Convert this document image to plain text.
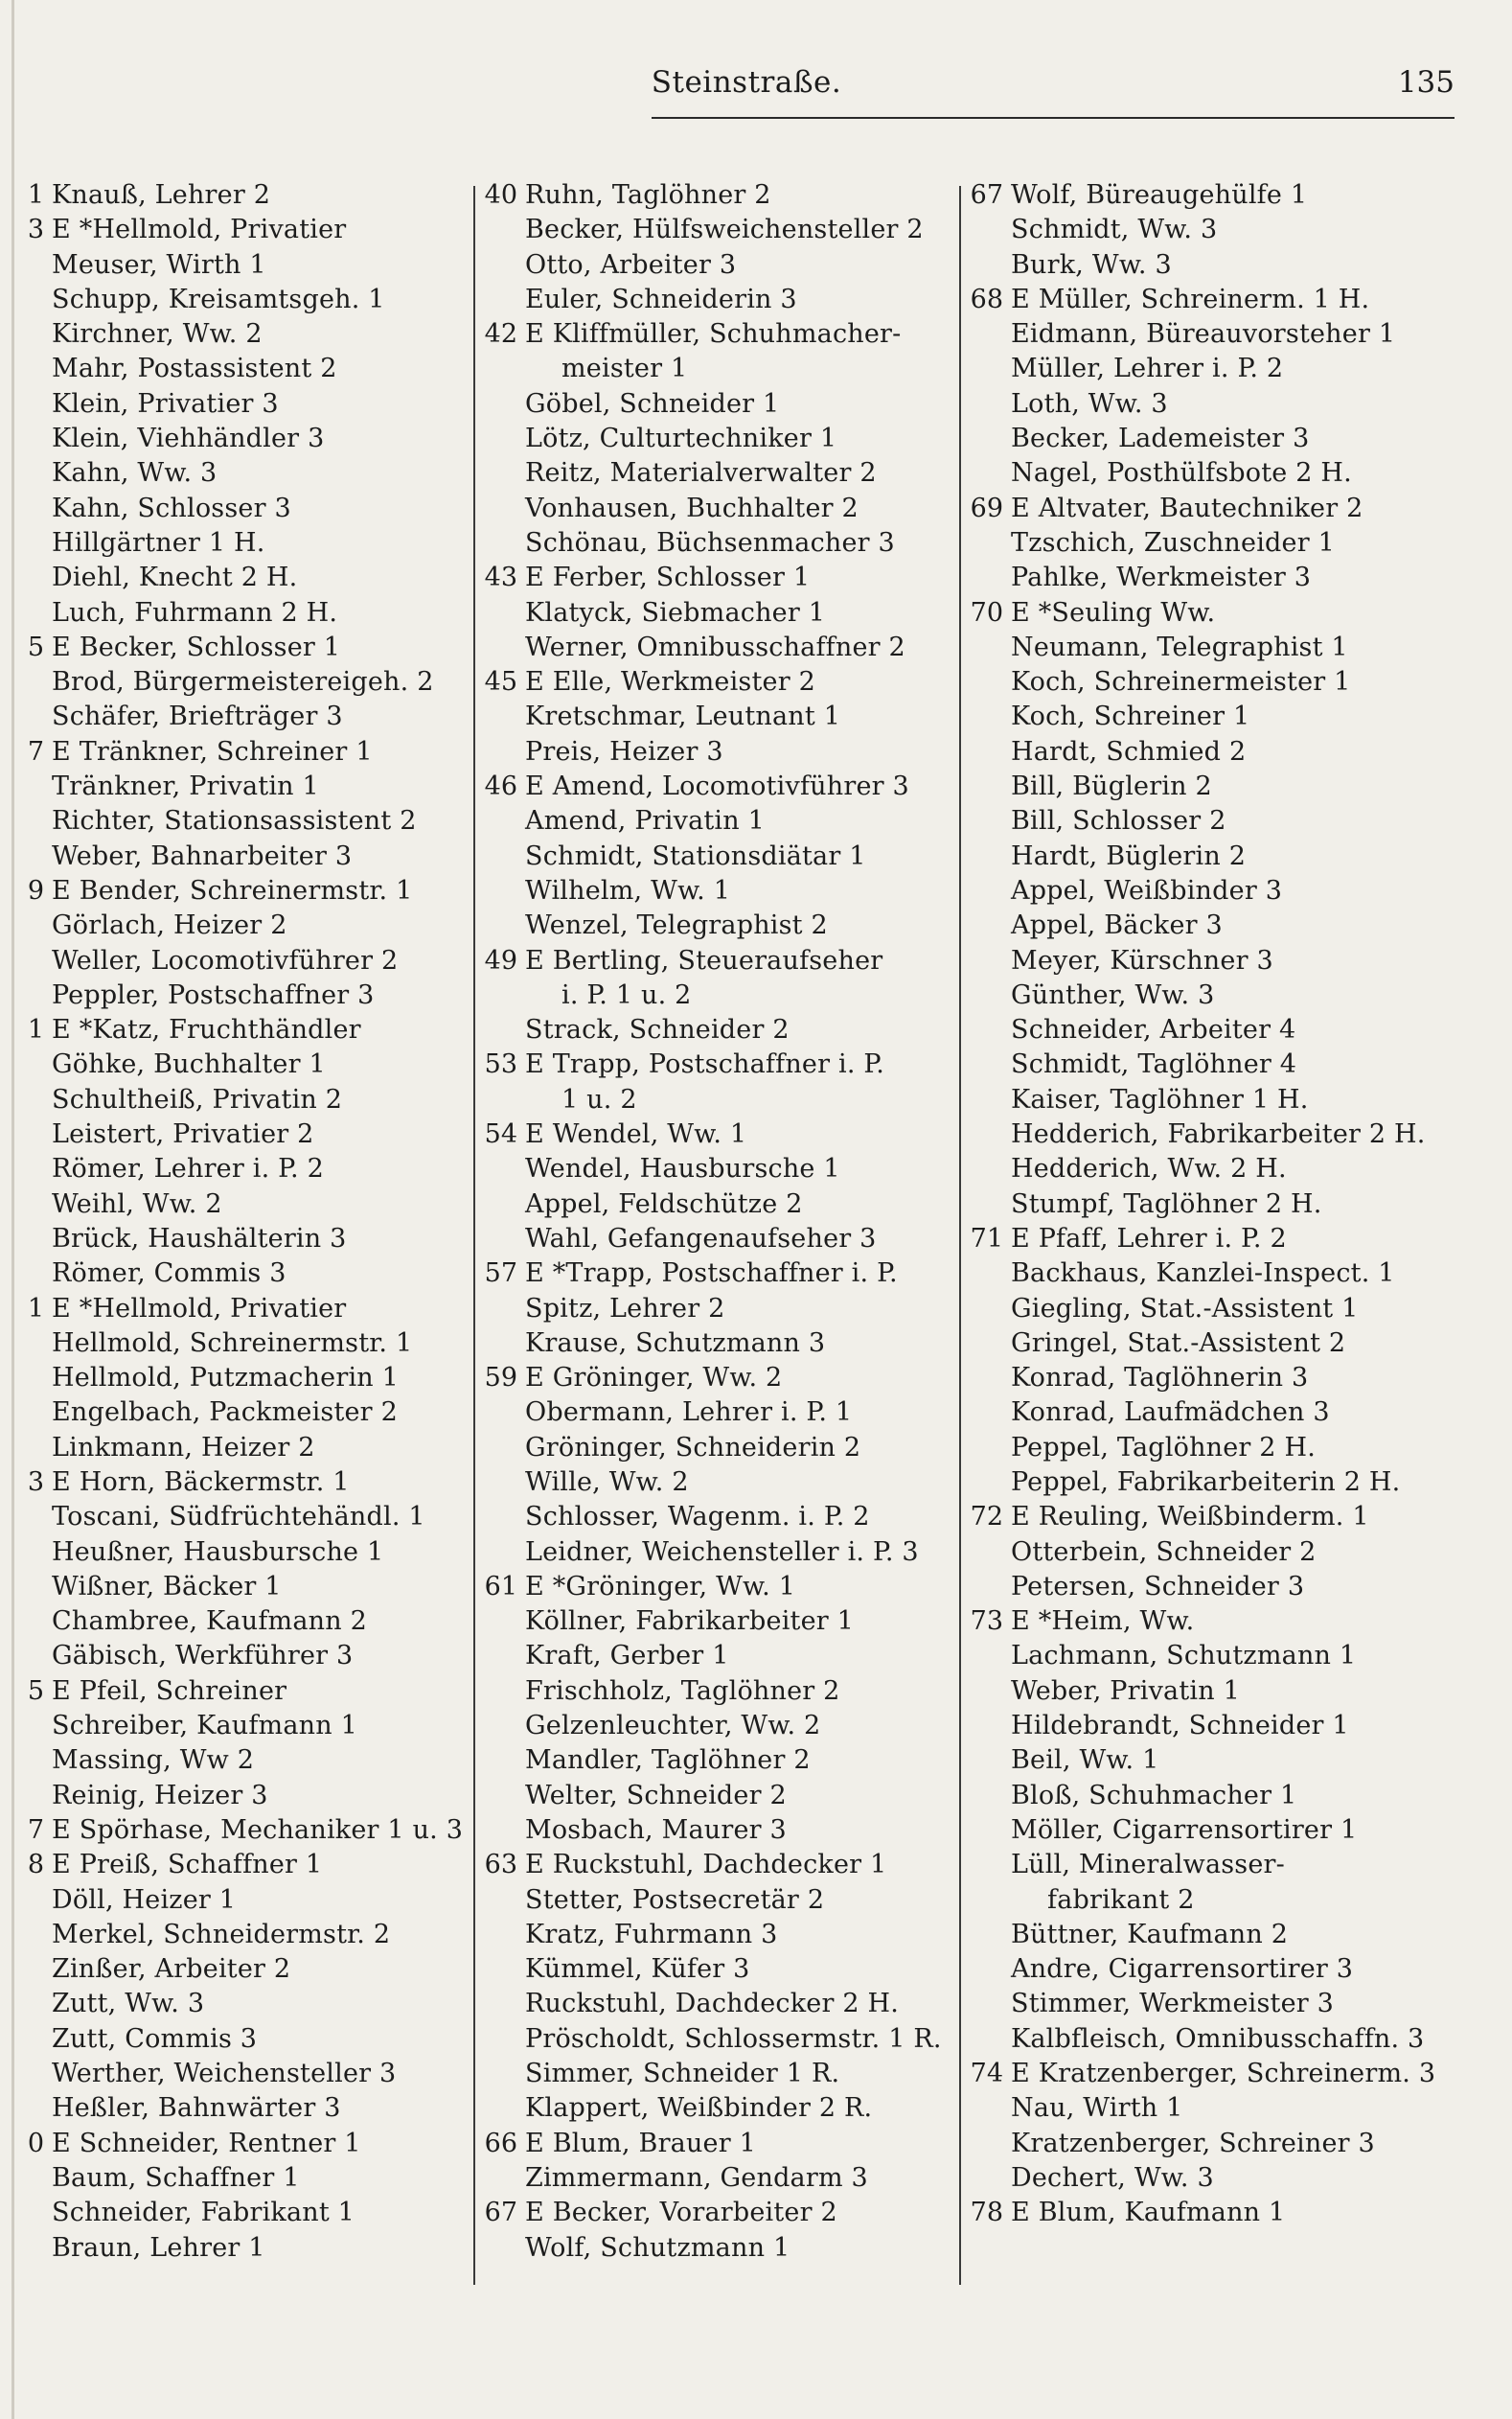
Steinstraße.	135
1 Knauß, Lehrer 2
3 E *Hellmold, Privatier
Meuser, Wirth 1
Schupp, Kreisamtsgeh. 1
Kirchner, Ww. 2
Mahr, Postassistent 2
Klein, Privatier 3
Klein, Viehhändler 3
Kahn, Ww. 3
Kahn, Schlosser 3
Hillgärtner 1 H.
Diehl, Knecht 2 H.
Luch, Fuhrmann 2 H.
5 E Becker, Schlosser 1
Brod, Bürgermeistereigeh. 2
Schäfer, Briefträger 3
7 E Tränkner, Schreiner 1
Tränkner, Privatin 1
Richter, Stationsassistent 2
Weber, Bahnarbeiter 3
9 E Bender, Schreinermstr. 1
Görlach, Heizer 2
Weller, Locomotivführer 2
Peppler, Postschaffner 3
1 E *Katz, Fruchthändler
Göhke, Buchhalter 1
Schultheiß, Privatin 2
Leistert, Privatier 2
Römer, Lehrer i. P. 2
Weihl, Ww. 2
Brück, Haushälterin 3
Römer, Commis 3
1 E *Hellmold, Privatier
Hellmold, Schreinermstr. 1
Hellmold, Putzmacherin 1
Engelbach, Packmeister 2
Linkmann, Heizer 2
3 E Horn, Bäckermstr. 1
Toscani, Südfrüchtehändl. 1
Heußner, Hausbursche 1
Wißner, Bäcker 1
Chambree, Kaufmann 2
Gäbisch, Werkführer 3
5 E Pfeil, Schreiner
Schreiber, Kaufmann 1
Massing, Ww 2
Reinig, Heizer 3
7 E Spörhase, Mechaniker 1 u. 3
8 E Preiß, Schaffner 1
Döll, Heizer 1
Merkel, Schneidermstr. 2
Zinßer, Arbeiter 2
Zutt, Ww. 3
Zutt, Commis 3
Werther, Weichensteller 3
Heßler, Bahnwärter 3
0 E Schneider, Rentner 1
Baum, Schaffner 1
Schneider, Fabrikant 1
Braun, Lehrer 1
40 Ruhn, Taglöhner 2
Becker, Hülfsweichensteller 2
Otto, Arbeiter 3
Euler, Schneiderin 3
42 E Kliffmüller, Schuhmacher-
meister 1
Göbel, Schneider 1
Lötz, Culturtechniker 1
Reitz, Materialverwalter 2
Vonhausen, Buchhalter 2
Schönau, Büchsenmacher 3
43 E Ferber, Schlosser 1
Klatyck, Siebmacher 1
Werner, Omnibusschaffner 2
45 E Elle, Werkmeister 2
Kretschmar, Leutnant 1
Preis, Heizer 3
46 E Amend, Locomotivführer 3
Amend, Privatin 1
Schmidt, Stationsdiätar 1
Wilhelm, Ww. 1
Wenzel, Telegraphist 2
49 E Bertling, Steueraufseher
i. P. 1 u. 2
Strack, Schneider 2
53 E Trapp, Postschaffner i. P.
1 u. 2
54 E Wendel, Ww. 1
Wendel, Hausbursche 1
Appel, Feldschütze 2
Wahl, Gefangenaufseher 3
57 E *Trapp, Postschaffner i. P.
Spitz, Lehrer 2
Krause, Schutzmann 3
59 E Gröninger, Ww. 2
Obermann, Lehrer i. P. 1
Gröninger, Schneiderin 2
Wille, Ww. 2
Schlosser, Wagenm. i. P. 2
Leidner, Weichensteller i. P. 3
61 E *Gröninger, Ww. 1
Köllner, Fabrikarbeiter 1
Kraft, Gerber 1
Frischholz, Taglöhner 2
Gelzenleuchter, Ww. 2
Mandler, Taglöhner 2
Welter, Schneider 2
Mosbach, Maurer 3
63 E Ruckstuhl, Dachdecker 1
Stetter, Postsecretär 2
Kratz, Fuhrmann 3
Kümmel, Küfer 3
Ruckstuhl, Dachdecker 2 H.
Pröscholdt, Schlossermstr. 1 R.
Simmer, Schneider 1 R.
Klappert, Weißbinder 2 R.
66 E Blum, Brauer 1
Zimmermann, Gendarm 3
67 E Becker, Vorarbeiter 2
Wolf, Schutzmann 1
67 Wolf, Büreaugehülfe 1
Schmidt, Ww. 3
Burk, Ww. 3
68 E Müller, Schreinerm. 1 H.
Eidmann, Büreauvorsteher 1
Müller, Lehrer i. P. 2
Loth, Ww. 3
Becker, Lademeister 3
Nagel, Posthülfsbote 2 H.
69 E Altvater, Bautechniker 2
Tzschich, Zuschneider 1
Pahlke, Werkmeister 3
70 E *Seuling Ww.
Neumann, Telegraphist 1
Koch, Schreinermeister 1
Koch, Schreiner 1
Hardt, Schmied 2
Bill, Büglerin 2
Bill, Schlosser 2
Hardt, Büglerin 2
Appel, Weißbinder 3
Appel, Bäcker 3
Meyer, Kürschner 3
Günther, Ww. 3
Schneider, Arbeiter 4
Schmidt, Taglöhner 4
Kaiser, Taglöhner 1 H.
Hedderich, Fabrikarbeiter 2 H.
Hedderich, Ww. 2 H.
Stumpf, Taglöhner 2 H.
71 E Pfaff, Lehrer i. P. 2
Backhaus, Kanzlei-Inspect. 1
Giegling, Stat.-Assistent 1
Gringel, Stat.-Assistent 2
Konrad, Taglöhnerin 3
Konrad, Laufmädchen 3
Peppel, Taglöhner 2 H.
Peppel, Fabrikarbeiterin 2 H.
72 E Reuling, Weißbinderm. 1
Otterbein, Schneider 2
Petersen, Schneider 3
73 E *Heim, Ww.
Lachmann, Schutzmann 1
Weber, Privatin 1
Hildebrandt, Schneider 1
Beil, Ww. 1
Bloß, Schuhmacher 1
Möller, Cigarrensortirer 1
Lüll, Mineralwasser-
fabrikant 2
Büttner, Kaufmann 2
Andre, Cigarrensortirer 3
Stimmer, Werkmeister 3
Kalbfleisch, Omnibusschaffn. 3
74 E Kratzenberger, Schreinerm. 3
Nau, Wirth 1
Kratzenberger, Schreiner 3
Dechert, Ww. 3
78 E Blum, Kaufmann 1
